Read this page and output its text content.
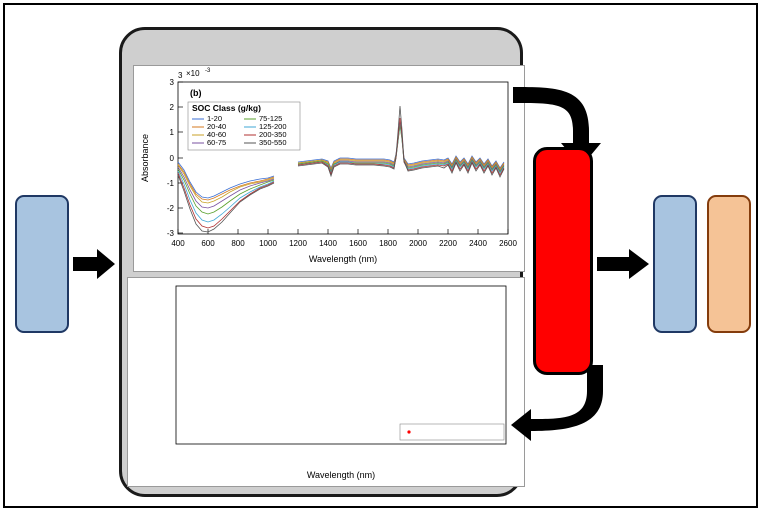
3 ×10 -3
(b)
3
2
1
0
-1
-2
-3
400 600 800 1000 1200 1400 1600 1800 2000 2200 2400 2600
Wavelength (nm)
Absorbance
SOC Class (g/kg)
1-20
20-40
40-60
60-75
75-125
125-200
200-350
350-550
Wavelength (nm)
